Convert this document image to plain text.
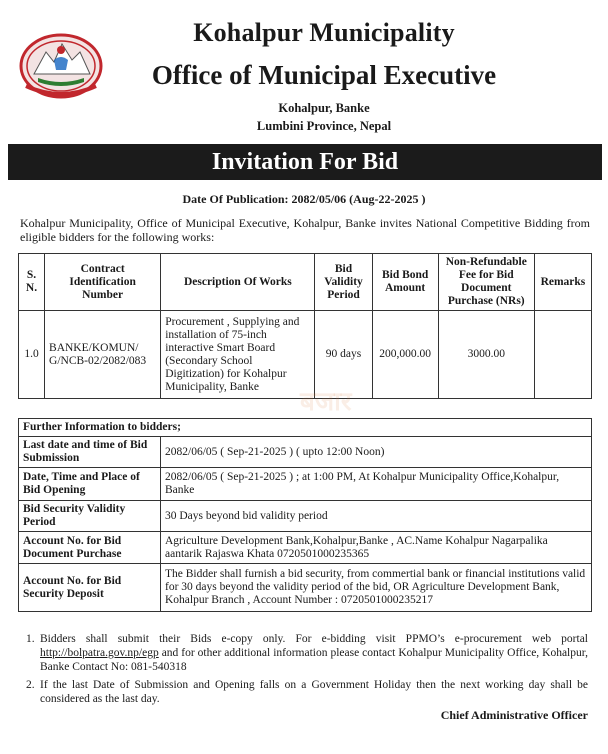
Kohalpur Municipality
Office of Municipal Executive
Kohalpur, Banke
Lumbini Province, Nepal
Invitation For Bid
Date Of Publication: 2082/05/06 (Aug-22-2025 )
Kohalpur Municipality, Office of Municipal Executive, Kohalpur, Banke invites National Competitive Bidding from eligible bidders for the following works:
S. N.	Contract Identification Number	Description Of Works	Bid Validity Period	Bid Bond Amount	Non-Refundable Fee for Bid Document Purchase (NRs)	Remarks
1.0	BANKE/KOMUN/ G/NCB-02/2082/083	Procurement , Supplying and installation of 75-inch interactive Smart Board (Secondary School Digitization) for Kohalpur Municipality, Banke	90 days	200,000.00	3000.00	
Further Information to bidders;	
Last date and time of Bid Submission	2082/06/05 ( Sep-21-2025 ) ( upto 12:00 Noon)
Date, Time and Place of Bid Opening	2082/06/05 ( Sep-21-2025 ) ; at 1:00 PM, At Kohalpur Municipality Office,Kohalpur, Banke
Bid Security Validity Period	30 Days beyond bid validity period
Account No. for Bid Document Purchase	Agriculture Development Bank,Kohalpur,Banke , AC.Name Kohalpur Nagarpalika aantarik Rajaswa Khata 0720501000235365
Account No. for Bid Security Deposit	The Bidder shall furnish a bid security, from commertial bank or financial institutions valid for 30 days beyond the validity period of the bid, OR Agriculture Development Bank, Kohalpur Branch , Account Number : 0720501000235217
1. Bidders shall submit their Bids e-copy only. For e-bidding visit PPMO’s e-procurement web portal http://bolpatra.gov.np/egp and for other additional information please contact Kohalpur Municipality Office, Kohalpur, Banke Contact No: 081-540318
2. If the last Date of Submission and Opening falls on a Government Holiday then the next working day shall be considered as the last day.
Chief Administrative Officer
बजार
